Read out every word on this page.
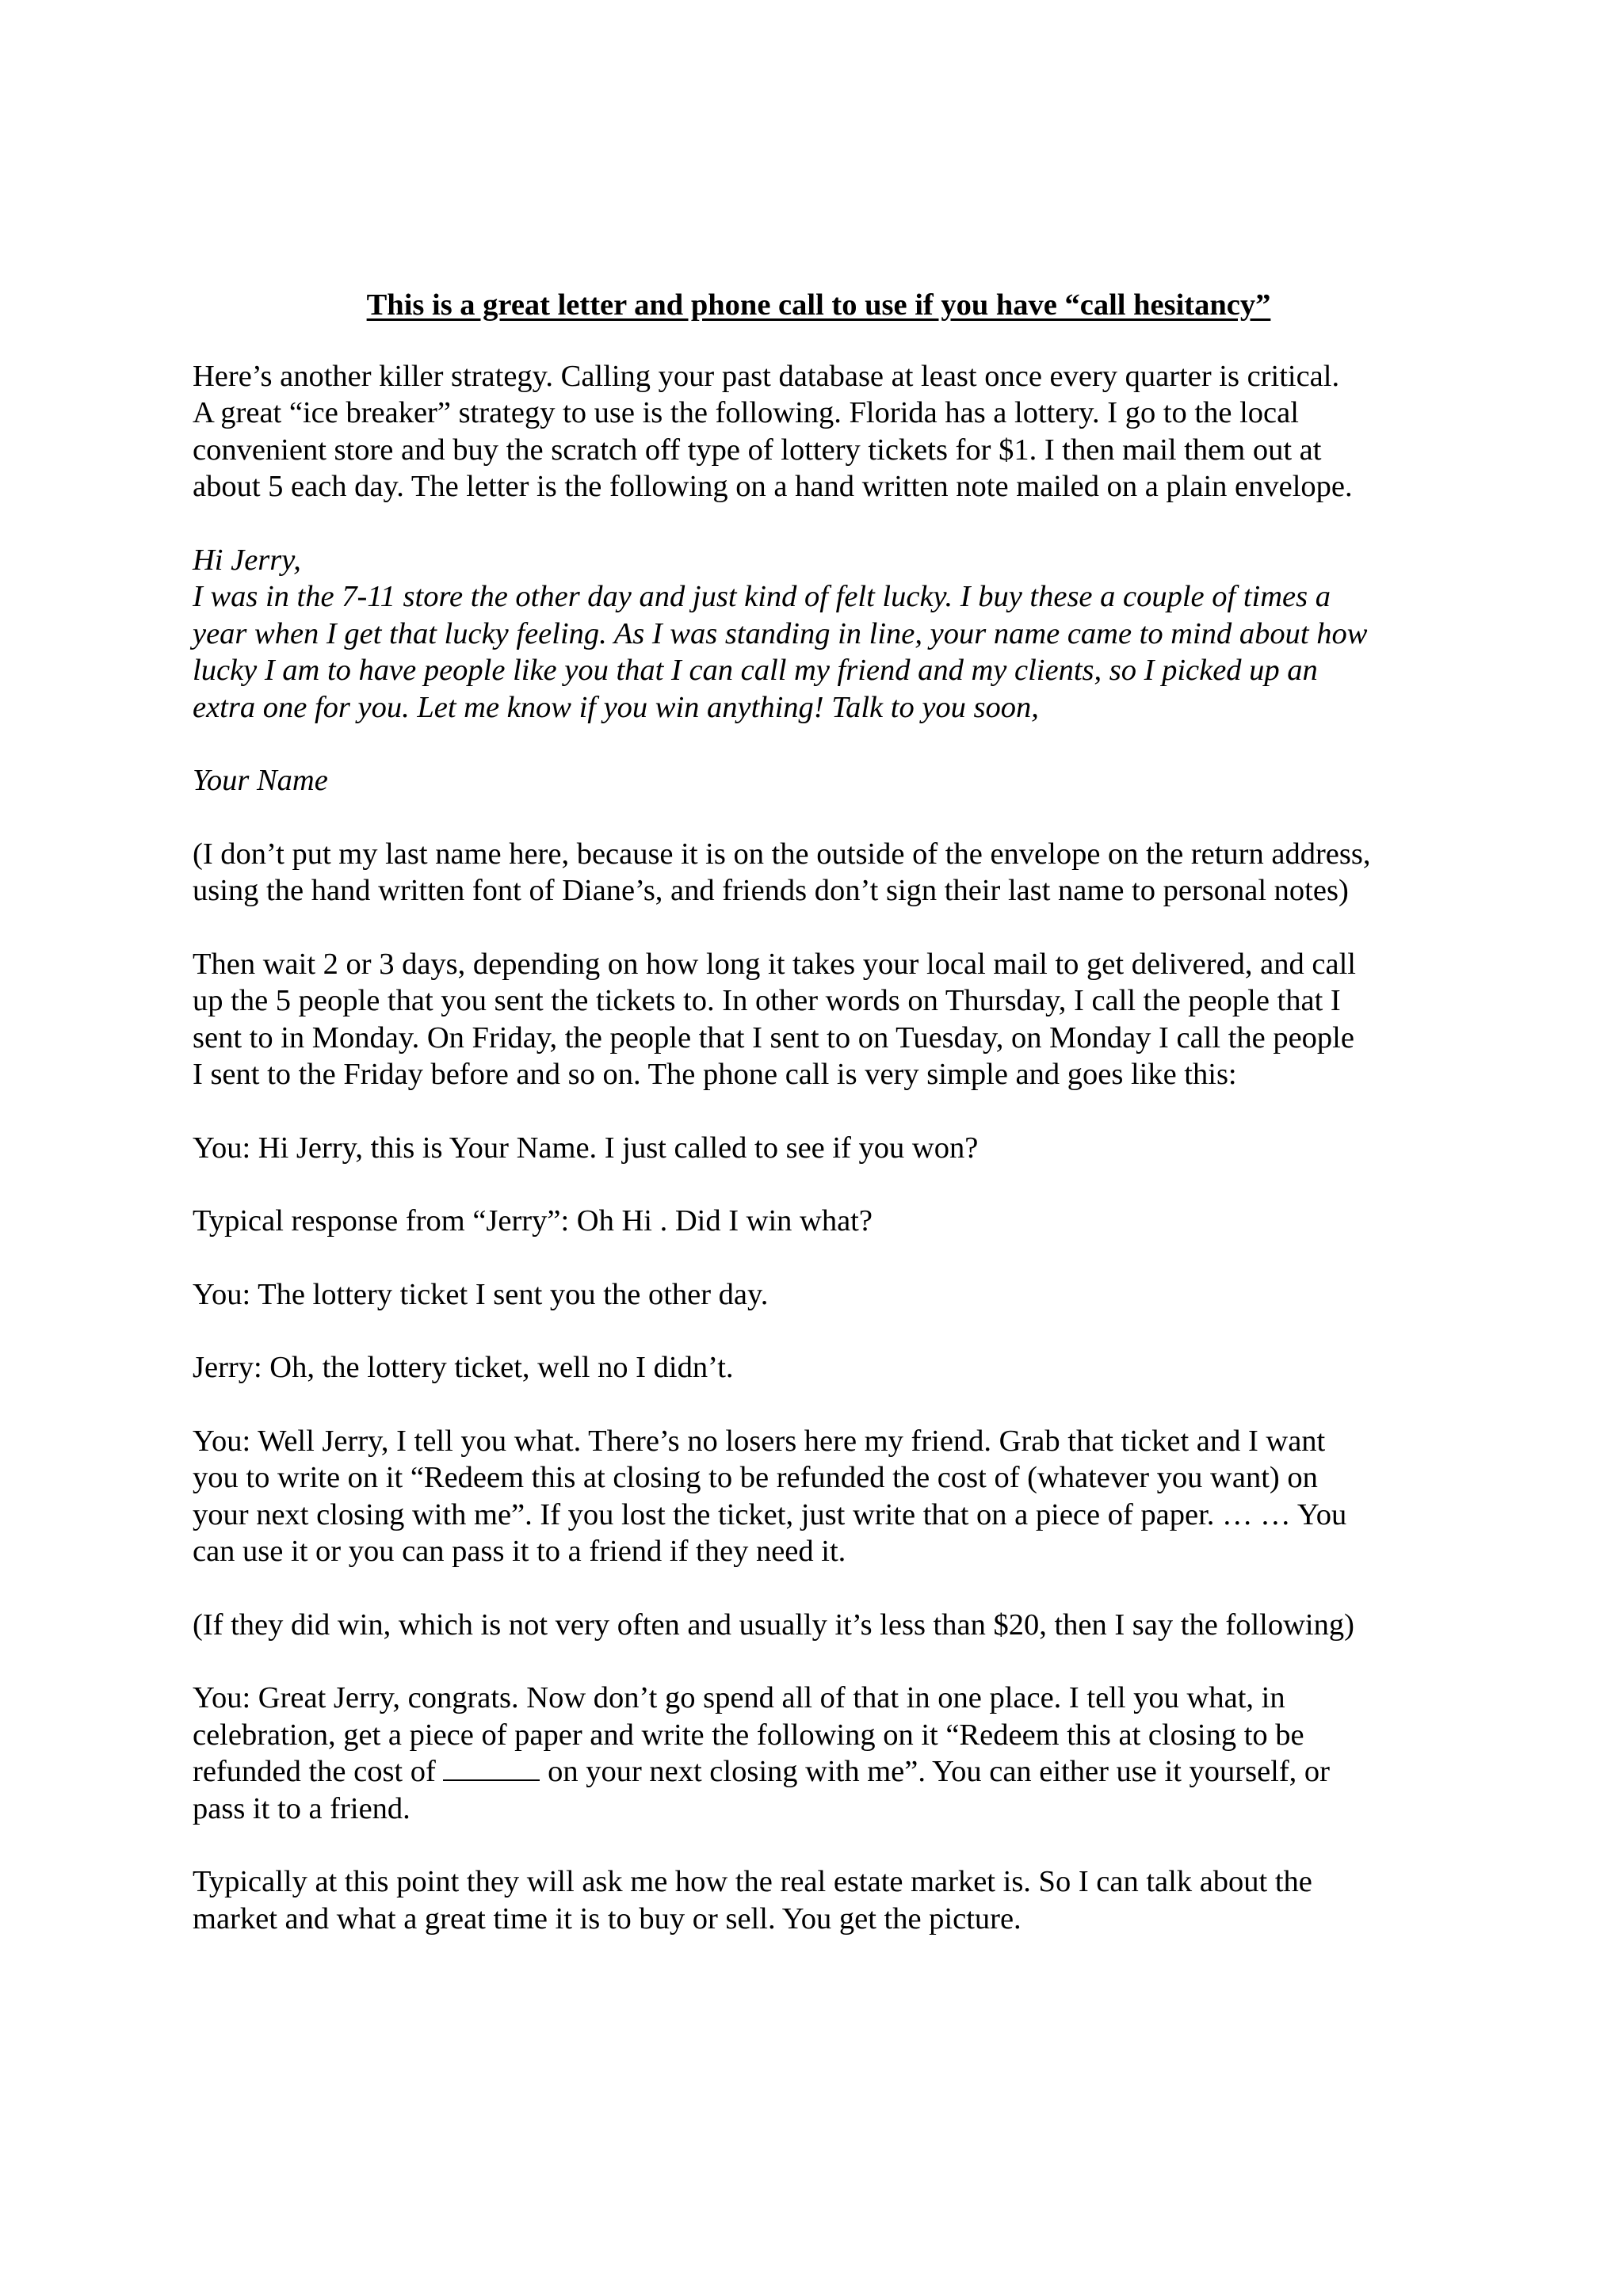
This is a great letter and phone call to use if you have “call hesitancy”
Here’s another killer strategy. Calling your past database at least once every quarter is critical.
A great “ice breaker” strategy to use is the following. Florida has a lottery. I go to the local
convenient store and buy the scratch off type of lottery tickets for $1. I then mail them out at
about 5 each day. The letter is the following on a hand written note mailed on a plain envelope.
Hi Jerry,
I was in the 7-11 store the other day and just kind of felt lucky. I buy these a couple of times a
year when I get that lucky feeling. As I was standing in line, your name came to mind about how
lucky I am to have people like you that I can call my friend and my clients, so I picked up an
extra one for you. Let me know if you win anything! Talk to you soon,
Your Name
(I don’t put my last name here, because it is on the outside of the envelope on the return address,
using the hand written font of Diane’s, and friends don’t sign their last name to personal notes)
Then wait 2 or 3 days, depending on how long it takes your local mail to get delivered, and call
up the 5 people that you sent the tickets to. In other words on Thursday, I call the people that I
sent to in Monday. On Friday, the people that I sent to on Tuesday, on Monday I call the people
I sent to the Friday before and so on. The phone call is very simple and goes like this:
You: Hi Jerry, this is Your Name. I just called to see if you won?
Typical response from “Jerry”: Oh Hi . Did I win what?
You: The lottery ticket I sent you the other day.
Jerry: Oh, the lottery ticket, well no I didn’t.
You: Well Jerry, I tell you what. There’s no losers here my friend. Grab that ticket and I want
you to write on it “Redeem this at closing to be refunded the cost of (whatever you want) on
your next closing with me”. If you lost the ticket, just write that on a piece of paper. … … You
can use it or you can pass it to a friend if they need it.
(If they did win, which is not very often and usually it’s less than $20, then I say the following)
You: Great Jerry, congrats. Now don’t go spend all of that in one place. I tell you what, in
celebration, get a piece of paper and write the following on it “Redeem this at closing to be
refunded the cost of	on your next closing with me”. You can either use it yourself, or
pass it to a friend.
Typically at this point they will ask me how the real estate market is. So I can talk about the
market and what a great time it is to buy or sell. You get the picture.
